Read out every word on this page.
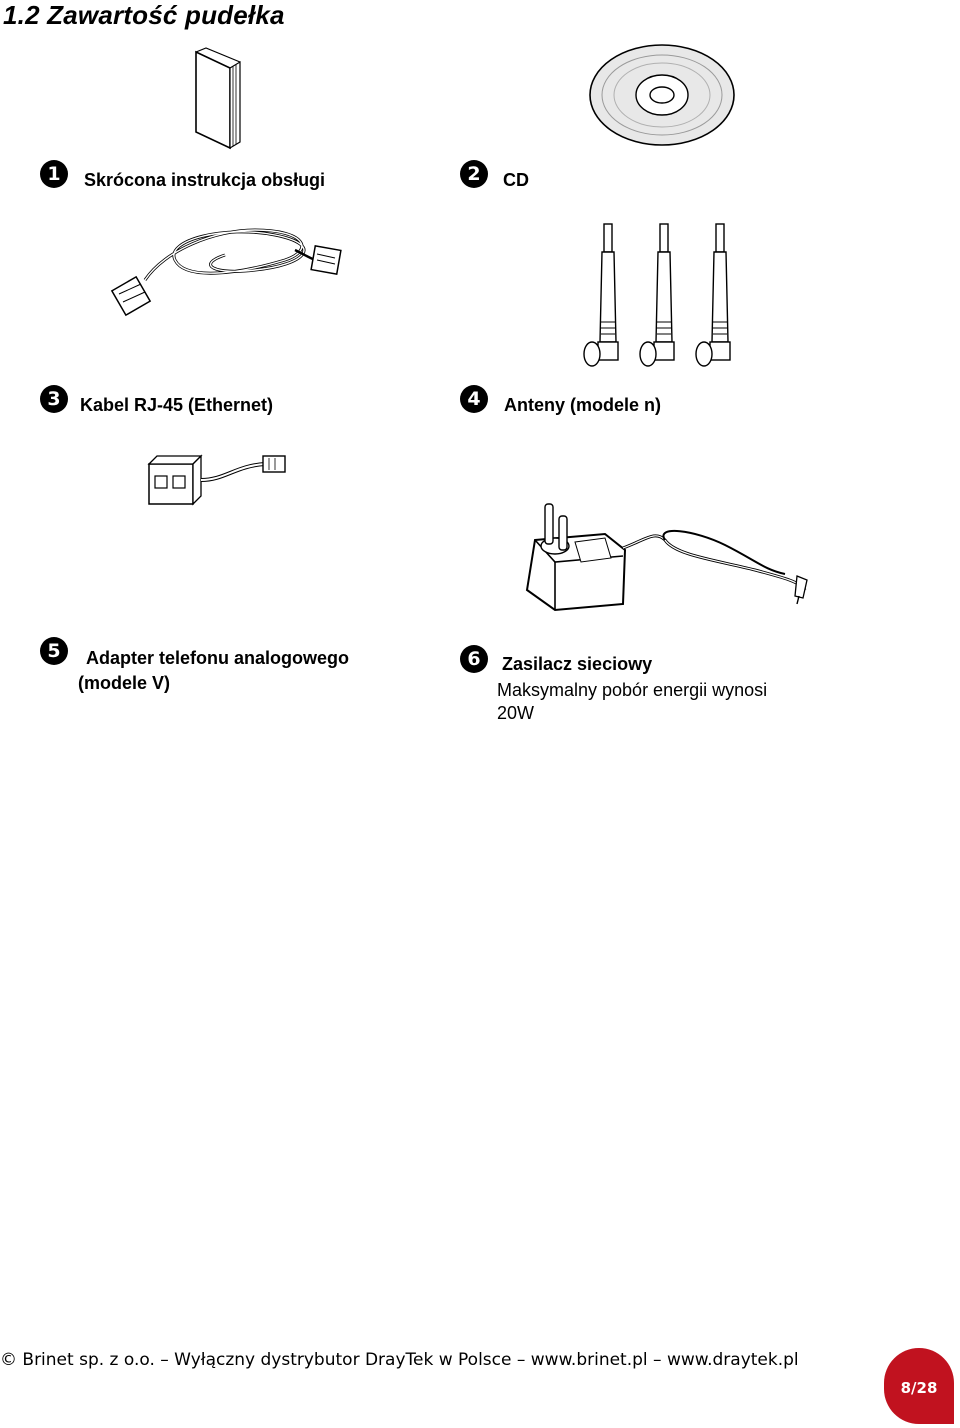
1.2 Zawartość pudełka
1	Skrócona instrukcja obsługi	2	CD
3	Kabel RJ-45 (Ethernet)	4	Anteny (modele n)
5	Adapter telefonu analogowego
(modele V)
6	Zasilacz sieciowy
Maksymalny pobór energii wynosi
20W
© Brinet sp. z o.o. – Wyłączny dystrybutor DrayTek w Polsce – www.brinet.pl – www.draytek.pl
8/28
